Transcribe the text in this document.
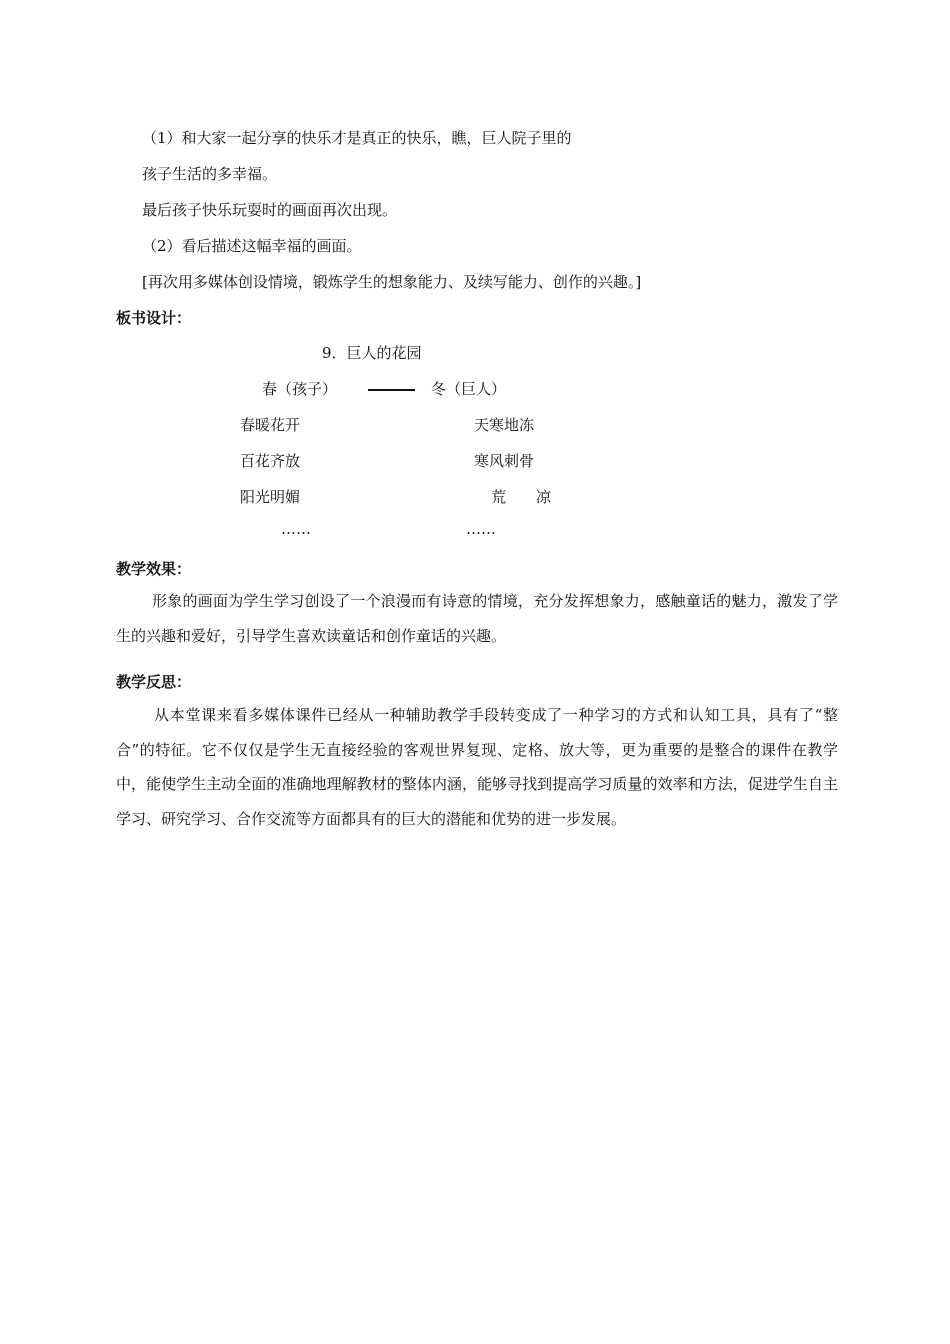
（1）和大家一起分享的快乐才是真正的快乐，瞧，巨人院子里的
孩子生活的多幸福。
最后孩子快乐玩耍时的画面再次出现。
（2）看后描述这幅幸福的画面。
[再次用多媒体创设情境，锻炼学生的想象能力、及续写能力、创作的兴趣。]
板书设计：
9．巨人的花园
春（孩子）	冬（巨人）
春暖花开	天寒地冻
百花齐放	寒风刺骨
阳光明媚	荒　　凉
……	……
教学效果：
形象的画面为学生学习创设了一个浪漫而有诗意的情境，充分发挥想象力，感触童话的魅力，激发了学生的兴趣和爱好，引导学生喜欢读童话和创作童话的兴趣。
教学反思：
从本堂课来看多媒体课件已经从一种辅助教学手段转变成了一种学习的方式和认知工具，具有了“整合”的特征。它不仅仅是学生无直接经验的客观世界复现、定格、放大等，更为重要的是整合的课件在教学中，能使学生主动全面的准确地理解教材的整体内涵，能够寻找到提高学习质量的效率和方法，促进学生自主学习、研究学习、合作交流等方面都具有的巨大的潜能和优势的进一步发展。
